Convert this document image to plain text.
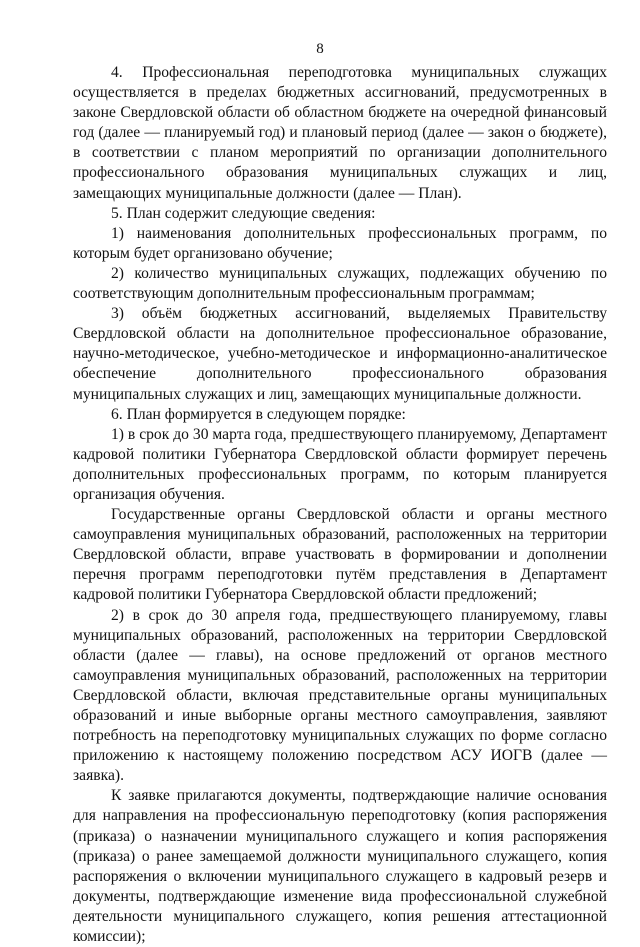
8

4. Профессиональная переподготовка муниципальных служащих осуществляется в пределах бюджетных ассигнований, предусмотренных в законе Свердловской области об областном бюджете на очередной финансовый год (далее — планируемый год) и плановый период (далее — закон о бюджете), в соответствии с планом мероприятий по организации дополнительного профессионального образования муниципальных служащих и лиц, замещающих муниципальные должности (далее — План).

5. План содержит следующие сведения:

1) наименования дополнительных профессиональных программ, по которым будет организовано обучение;

2) количество муниципальных служащих, подлежащих обучению по соответствующим дополнительным профессиональным программам;

3) объём бюджетных ассигнований, выделяемых Правительству Свердловской области на дополнительное профессиональное образование, научно-методическое, учебно-методическое и информационно-аналитическое обеспечение дополнительного профессионального образования муниципальных служащих и лиц, замещающих муниципальные должности.

6. План формируется в следующем порядке:

1) в срок до 30 марта года, предшествующего планируемому, Департамент кадровой политики Губернатора Свердловской области формирует перечень дополнительных профессиональных программ, по которым планируется организация обучения.

Государственные органы Свердловской области и органы местного самоуправления муниципальных образований, расположенных на территории Свердловской области, вправе участвовать в формировании и дополнении перечня программ переподготовки путём представления в Департамент кадровой политики Губернатора Свердловской области предложений;

2) в срок до 30 апреля года, предшествующего планируемому, главы муниципальных образований, расположенных на территории Свердловской области (далее — главы), на основе предложений от органов местного самоуправления муниципальных образований, расположенных на территории Свердловской области, включая представительные органы муниципальных образований и иные выборные органы местного самоуправления, заявляют потребность на переподготовку муниципальных служащих по форме согласно приложению к настоящему положению посредством АСУ ИОГВ (далее — заявка).

К заявке прилагаются документы, подтверждающие наличие основания для направления на профессиональную переподготовку (копия распоряжения (приказа) о назначении муниципального служащего и копия распоряжения (приказа) о ранее замещаемой должности муниципального служащего, копия распоряжения о включении муниципального служащего в кадровый резерв и документы, подтверждающие изменение вида профессиональной служебной деятельности муниципального служащего, копия решения аттестационной комиссии);
